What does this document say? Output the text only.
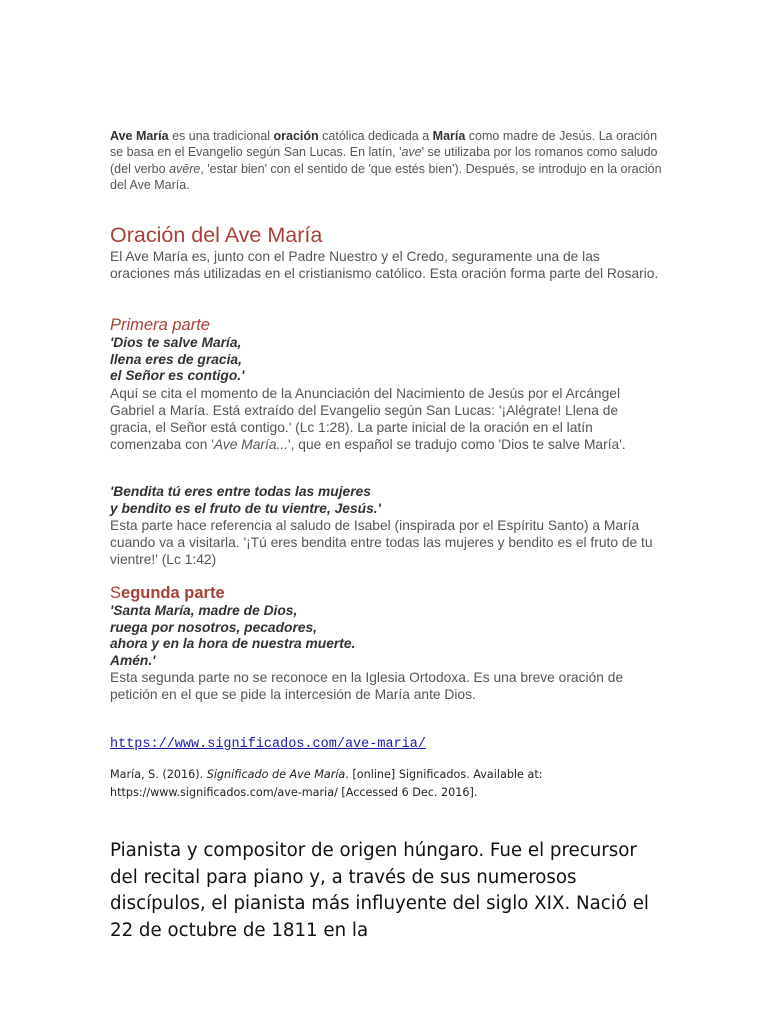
Ave María es una tradicional oración católica dedicada a María como madre de Jesús. La oración se basa en el Evangelio según San Lucas. En latín, 'ave' se utilizaba por los romanos como saludo (del verbo avēre, 'estar bien' con el sentido de 'que estés bien'). Después, se introdujo en la oración del Ave María.
Oración del Ave María

El Ave María es, junto con el Padre Nuestro y el Credo, seguramente una de las oraciones más utilizadas en el cristianismo católico. Esta oración forma parte del Rosario.

Primera parte

'Dios te salve María,

llena eres de gracia,

el Señor es contigo.'

Aquí se cita el momento de la Anunciación del Nacimiento de Jesús por el Arcángel Gabriel a María. Está extraído del Evangelio según San Lucas: '¡Alégrate! Llena de gracia, el Señor está contigo.' (Lc 1:28). La parte inicial de la oración en el latín comenzaba con 'Ave María...', que en español se tradujo como 'Dios te salve María'.

'Bendita tú eres entre todas las mujeres

y bendito es el fruto de tu vientre, Jesús.'

Esta parte hace referencia al saludo de Isabel (inspirada por el Espíritu Santo) a María cuando va a visitarla. '¡Tú eres bendita entre todas las mujeres y bendito es el fruto de tu vientre!' (Lc 1:42)

Segunda parte

'Santa María, madre de Dios,

ruega por nosotros, pecadores,

ahora y en la hora de nuestra muerte.

Amén.'

Esta segunda parte no se reconoce en la Iglesia Ortodoxa. Es una breve oración de petición en el que se pide la intercesión de María ante Dios.

https://www.significados.com/ave-maria/
María, S. (2016). Significado de Ave María. [online] Significados. Available at: https://www.significados.com/ave-maria/ [Accessed 6 Dec. 2016].
Pianista y compositor de origen húngaro. Fue el precursor del recital para piano y, a través de sus numerosos discípulos, el pianista más influyente del siglo XIX. Nació el 22 de octubre de 1811 en la
